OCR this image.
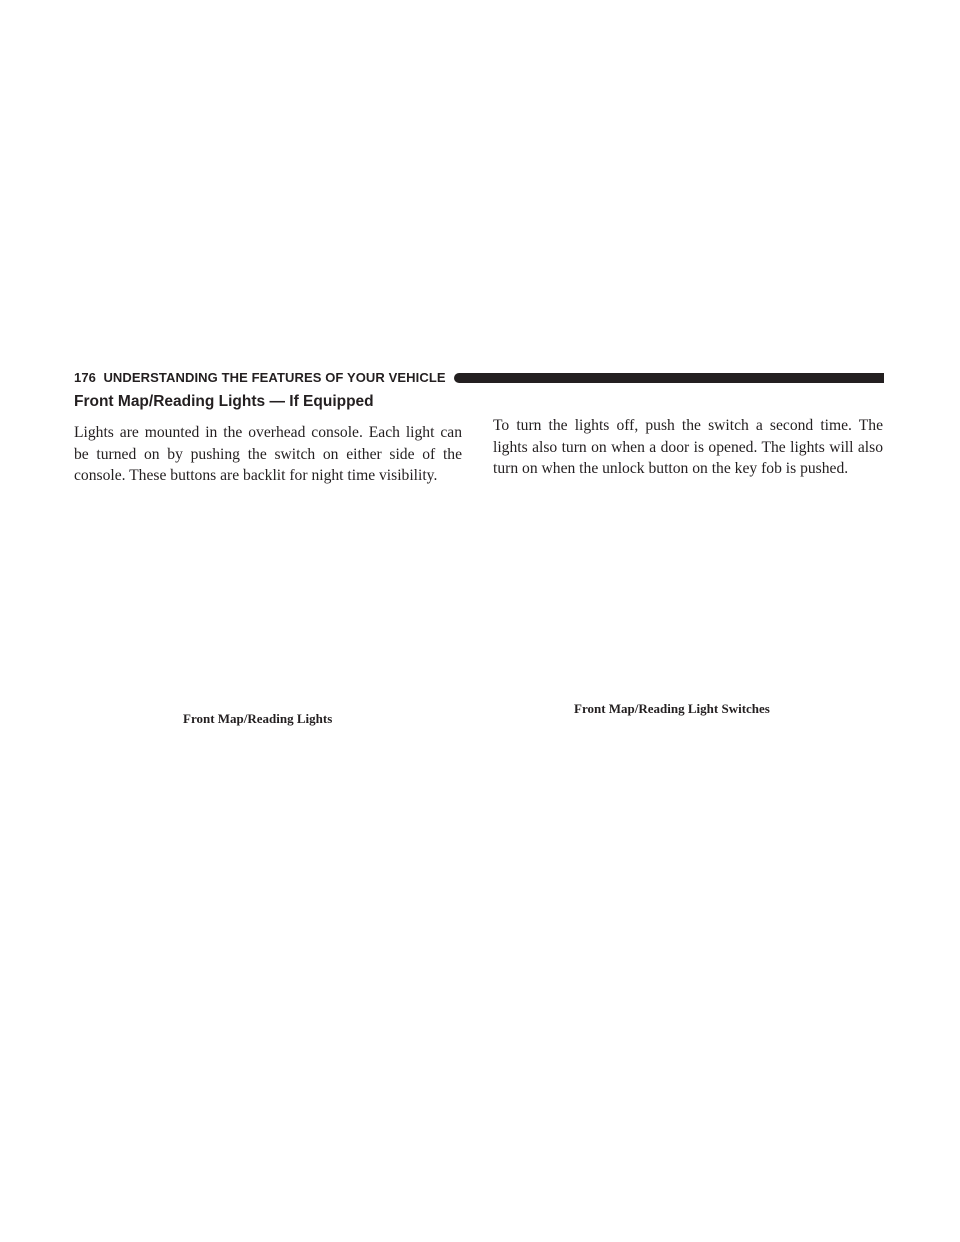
176 UNDERSTANDING THE FEATURES OF YOUR VEHICLE
Front Map/Reading Lights — If Equipped

Lights are mounted in the overhead console. Each light can be turned on by pushing the switch on either side of the console. These buttons are backlit for night time visibility.

To turn the lights off, push the switch a second time. The lights also turn on when a door is opened. The lights will also turn on when the unlock button on the key fob is pushed.

Front Map/Reading Lights
Front Map/Reading Light Switches
